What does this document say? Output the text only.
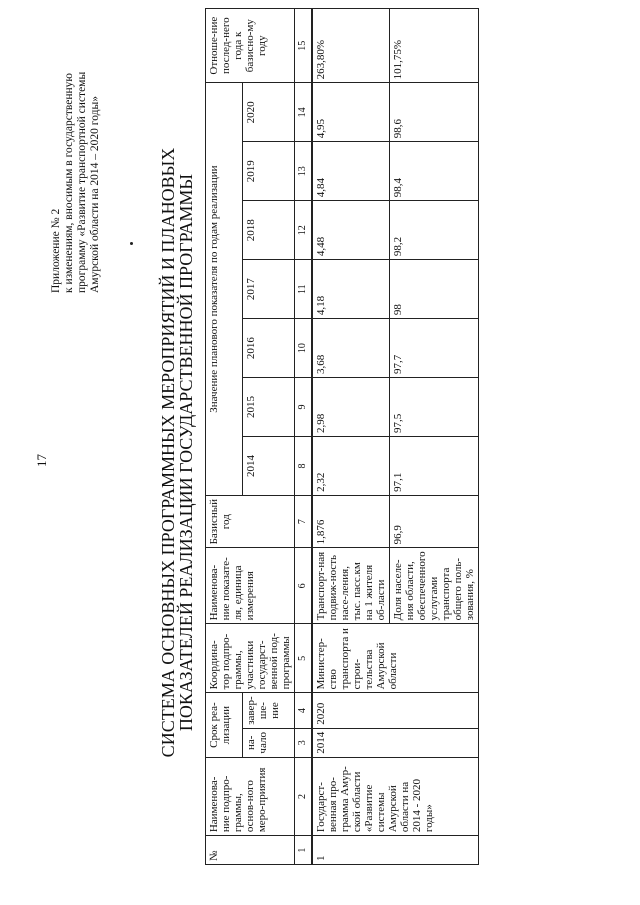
17
Приложение № 2 к изменениям, вносимым в государственную программу «Развитие транспортной системы Амурской области на 2014 – 2020 годы»	СИСТЕМА ОСНОВНЫХ ПРОГРАММНЫХ МЕРОПРИЯТИЙ И ПЛАНОВЫХ
ПОКАЗАТЕЛЕЙ РЕАЛИЗАЦИИ ГОСУДАРСТВЕННОЙ ПРОГРАММЫ
№	Наименова-ние подпро-граммы, основ-ного меро-приятия	Срок реа-лизации		Координа-тор подпро-граммы, участники государст-венной под-программы	Наименова-ние показате-ля, единица измерения	Базисный год	Значение планового показателя по годам реализации							Отноше-ние послед-него года к базисно-му году
		на-чало	завер-ше-ние				2014	2015	2016	2017	2018	2019	2020	
1	2	3	4	5	6	7	8	9	10	11	12	13	14	15
1	Государст-венная про-грамма Амур-ской области «Развитие системы Амурской области на 2014 - 2020 годы»	2014	2020	Министер-ство транспорта и строи-тельства Амурской области	Транспорт-ная подвиж-ность насе-ления, тыс. пасс.км на 1 жителя об-ласти	1,876	2,32	2,98	3,68	4,18	4,48	4,84	4,95	263,80%
					Доля населе-ния области, обеспеченного услугами транспорта общего поль-зования, %	96,9	97,1	97,5	97,7	98	98,2	98,4	98,6	101,75%
